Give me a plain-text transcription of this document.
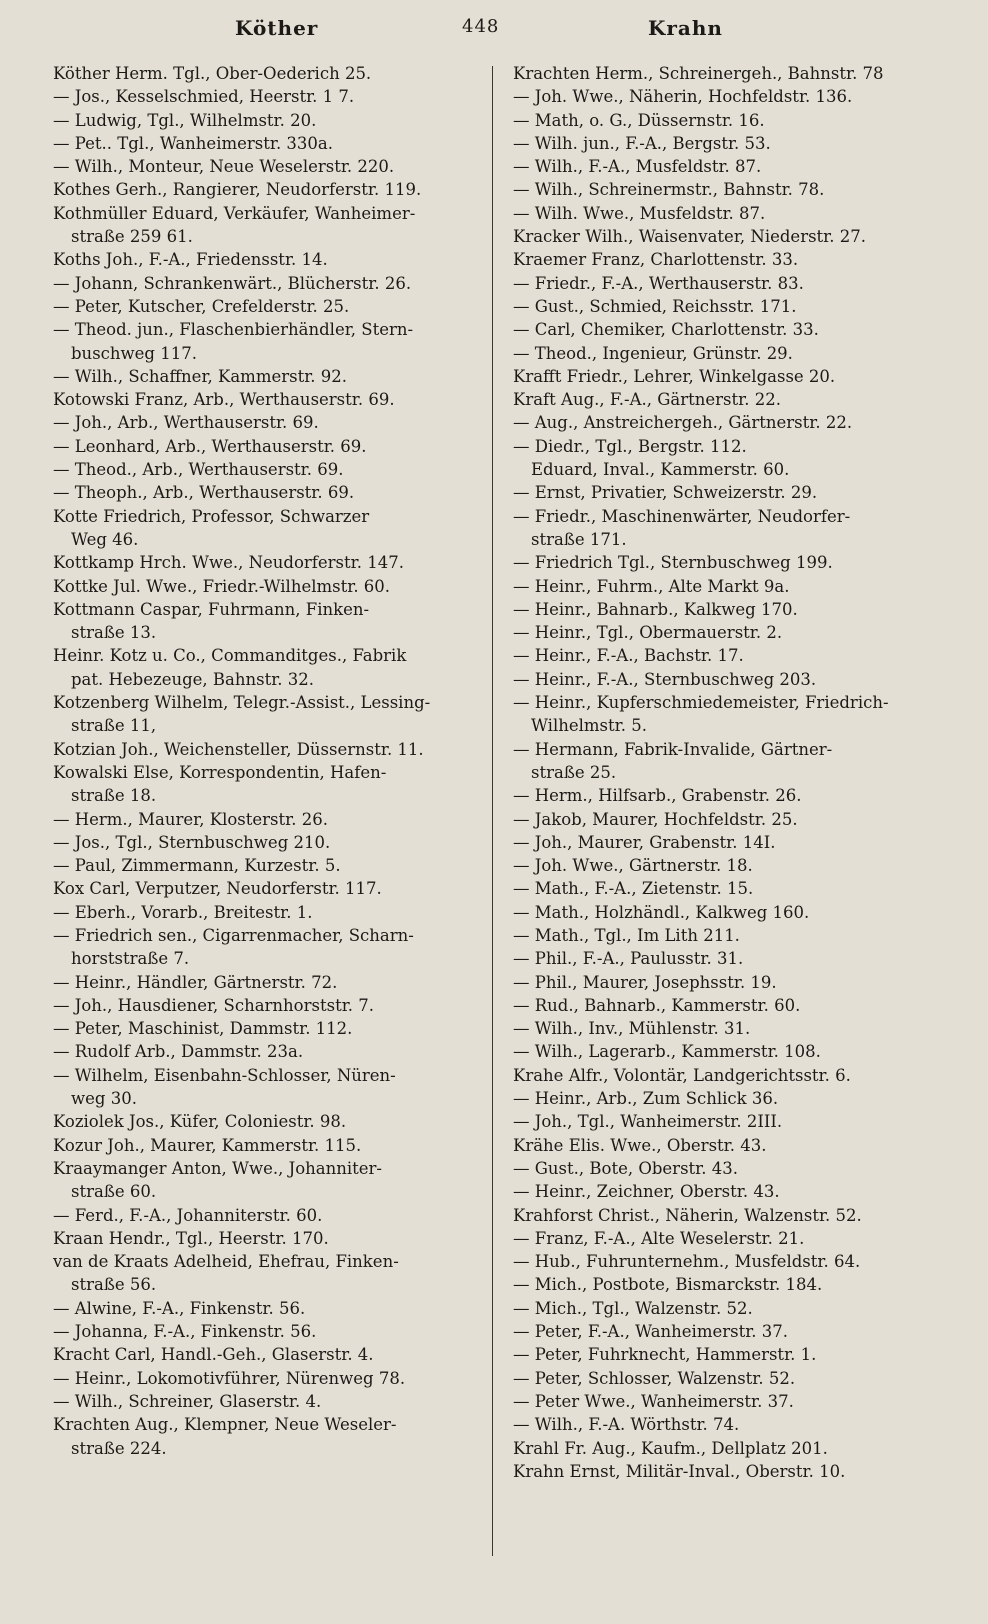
Köther	448	Krahn
Köther Herm. Tgl., Ober-Oederich 25.
— Jos., Kesselschmied, Heerstr. 1 7.
— Ludwig, Tgl., Wilhelmstr. 20.
— Pet.. Tgl., Wanheimerstr. 330a.
— Wilh., Monteur, Neue Weselerstr. 220.
Kothes Gerh., Rangierer, Neudorferstr. 119.
Kothmüller Eduard, Verkäufer, Wanheimer-
straße 259 61.
Koths Joh., F.-A., Friedensstr. 14.
— Johann, Schrankenwärt., Blücherstr. 26.
— Peter, Kutscher, Crefelderstr. 25.
— Theod. jun., Flaschenbierhändler, Stern-
buschweg 117.
— Wilh., Schaffner, Kammerstr. 92.
Kotowski Franz, Arb., Werthauserstr. 69.
— Joh., Arb., Werthauserstr. 69.
— Leonhard, Arb., Werthauserstr. 69.
— Theod., Arb., Werthauserstr. 69.
— Theoph., Arb., Werthauserstr. 69.
Kotte Friedrich, Professor, Schwarzer
Weg 46.
Kottkamp Hrch. Wwe., Neudorferstr. 147.
Kottke Jul. Wwe., Friedr.-Wilhelmstr. 60.
Kottmann Caspar, Fuhrmann, Finken-
straße 13.
Heinr. Kotz u. Co., Commanditges., Fabrik
pat. Hebezeuge, Bahnstr. 32.
Kotzenberg Wilhelm, Telegr.-Assist., Lessing-
straße 11,
Kotzian Joh., Weichensteller, Düssernstr. 11.
Kowalski Else, Korrespondentin, Hafen-
straße 18.
— Herm., Maurer, Klosterstr. 26.
— Jos., Tgl., Sternbuschweg 210.
— Paul, Zimmermann, Kurzestr. 5.
Kox Carl, Verputzer, Neudorferstr. 117.
— Eberh., Vorarb., Breitestr. 1.
— Friedrich sen., Cigarrenmacher, Scharn-
horststraße 7.
— Heinr., Händler, Gärtnerstr. 72.
— Joh., Hausdiener, Scharnhorststr. 7.
— Peter, Maschinist, Dammstr. 112.
— Rudolf Arb., Dammstr. 23a.
— Wilhelm, Eisenbahn-Schlosser, Nüren-
weg 30.
Koziolek Jos., Küfer, Coloniestr. 98.
Kozur Joh., Maurer, Kammerstr. 115.
Kraaymanger Anton, Wwe., Johanniter-
straße 60.
— Ferd., F.-A., Johanniterstr. 60.
Kraan Hendr., Tgl., Heerstr. 170.
van de Kraats Adelheid, Ehefrau, Finken-
straße 56.
— Alwine, F.-A., Finkenstr. 56.
— Johanna, F.-A., Finkenstr. 56.
Kracht Carl, Handl.-Geh., Glaserstr. 4.
— Heinr., Lokomotivführer, Nürenweg 78.
— Wilh., Schreiner, Glaserstr. 4.
Krachten Aug., Klempner, Neue Weseler-
straße 224.
Krachten Herm., Schreinergeh., Bahnstr. 78
— Joh. Wwe., Näherin, Hochfeldstr. 136.
— Math, o. G., Düssernstr. 16.
— Wilh. jun., F.-A., Bergstr. 53.
— Wilh., F.-A., Musfeldstr. 87.
— Wilh., Schreinermstr., Bahnstr. 78.
— Wilh. Wwe., Musfeldstr. 87.
Kracker Wilh., Waisenvater, Niederstr. 27.
Kraemer Franz, Charlottenstr. 33.
— Friedr., F.-A., Werthauserstr. 83.
— Gust., Schmied, Reichsstr. 171.
— Carl, Chemiker, Charlottenstr. 33.
— Theod., Ingenieur, Grünstr. 29.
Krafft Friedr., Lehrer, Winkelgasse 20.
Kraft Aug., F.-A., Gärtnerstr. 22.
— Aug., Anstreichergeh., Gärtnerstr. 22.
— Diedr., Tgl., Bergstr. 112.
Eduard, Inval., Kammerstr. 60.
— Ernst, Privatier, Schweizerstr. 29.
— Friedr., Maschinenwärter, Neudorfer-
straße 171.
— Friedrich Tgl., Sternbuschweg 199.
— Heinr., Fuhrm., Alte Markt 9a.
— Heinr., Bahnarb., Kalkweg 170.
— Heinr., Tgl., Obermauerstr. 2.
— Heinr., F.-A., Bachstr. 17.
— Heinr., F.-A., Sternbuschweg 203.
— Heinr., Kupferschmiedemeister, Friedrich-
Wilhelmstr. 5.
— Hermann, Fabrik-Invalide, Gärtner-
straße 25.
— Herm., Hilfsarb., Grabenstr. 26.
— Jakob, Maurer, Hochfeldstr. 25.
— Joh., Maurer, Grabenstr. 14I.
— Joh. Wwe., Gärtnerstr. 18.
— Math., F.-A., Zietenstr. 15.
— Math., Holzhändl., Kalkweg 160.
— Math., Tgl., Im Lith 211.
— Phil., F.-A., Paulusstr. 31.
— Phil., Maurer, Josephsstr. 19.
— Rud., Bahnarb., Kammerstr. 60.
— Wilh., Inv., Mühlenstr. 31.
— Wilh., Lagerarb., Kammerstr. 108.
Krahe Alfr., Volontär, Landgerichtsstr. 6.
— Heinr., Arb., Zum Schlick 36.
— Joh., Tgl., Wanheimerstr. 2III.
Krähe Elis. Wwe., Oberstr. 43.
— Gust., Bote, Oberstr. 43.
— Heinr., Zeichner, Oberstr. 43.
Krahforst Christ., Näherin, Walzenstr. 52.
— Franz, F.-A., Alte Weselerstr. 21.
— Hub., Fuhrunternehm., Musfeldstr. 64.
— Mich., Postbote, Bismarckstr. 184.
— Mich., Tgl., Walzenstr. 52.
— Peter, F.-A., Wanheimerstr. 37.
— Peter, Fuhrknecht, Hammerstr. 1.
— Peter, Schlosser, Walzenstr. 52.
— Peter Wwe., Wanheimerstr. 37.
— Wilh., F.-A. Wörthstr. 74.
Krahl Fr. Aug., Kaufm., Dellplatz 201.
Krahn Ernst, Militär-Inval., Oberstr. 10.
